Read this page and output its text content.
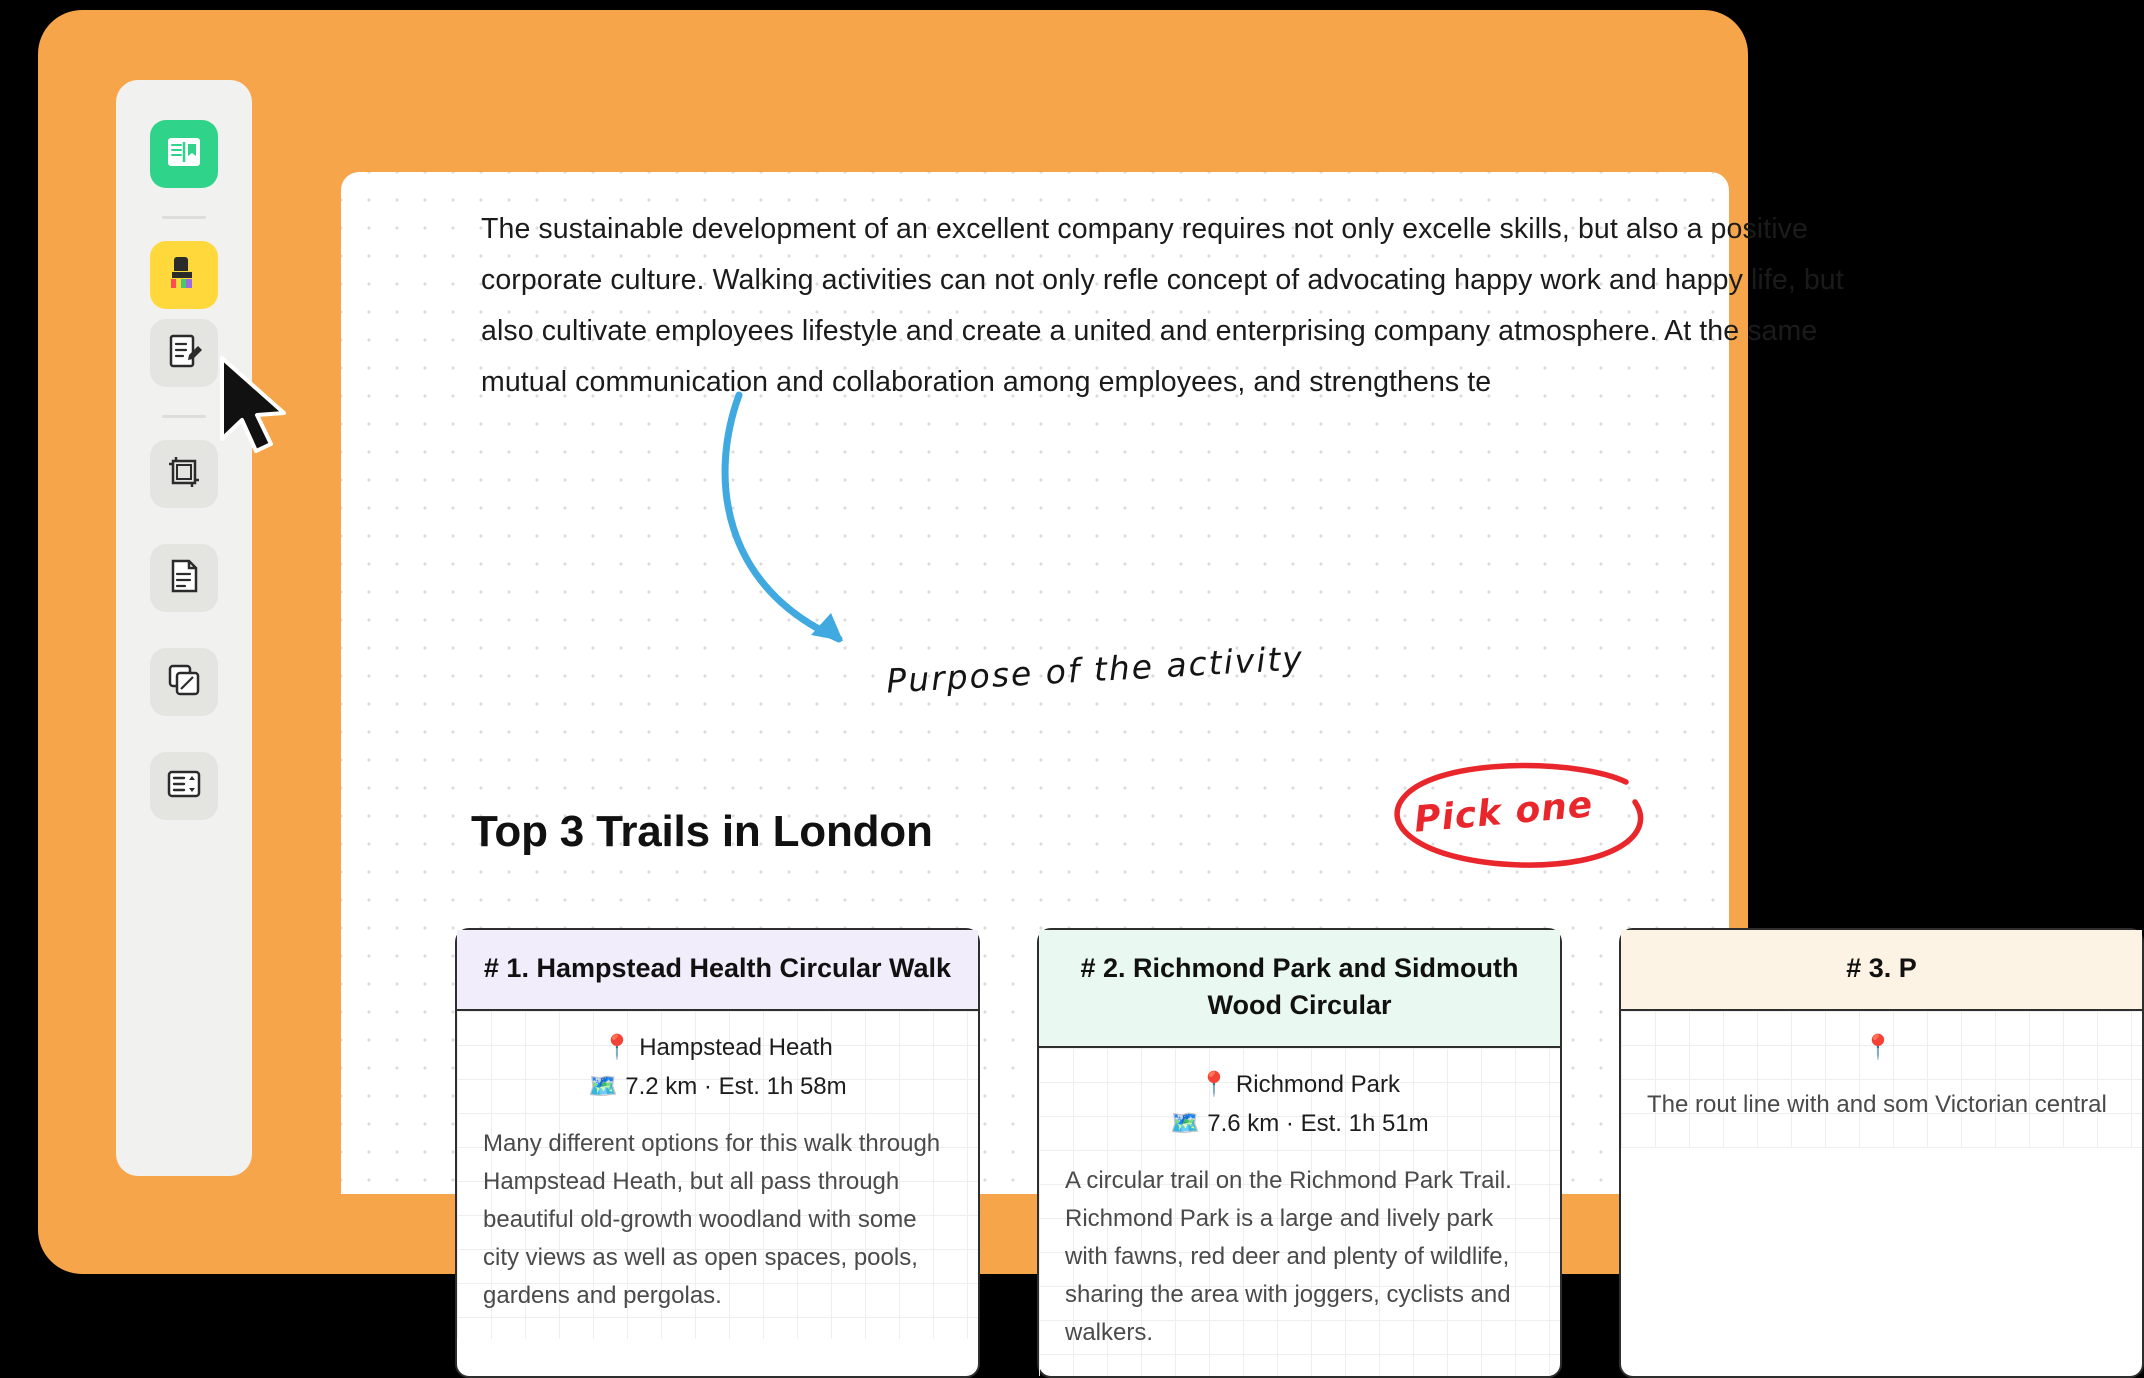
The sustainable development of an excellent company requires not only excelle skills, but also a positive corporate culture. Walking activities can not only refle concept of advocating happy work and happy life, but also cultivate employees lifestyle and create a united and enterprising company atmosphere. At the same mutual communication and collaboration among employees, and strengthens te
Purpose of the activity
Pick one
Top 3 Trails in London
# 1. Hampstead Health Circular Walk
📍 Hampstead Heath
🗺️ 7.2 km · Est. 1h 58m
Many different options for this walk through Hampstead Heath, but all pass through beautiful old-growth woodland with some city views as well as open spaces, pools, gardens and pergolas.
# 2. Richmond Park and Sidmouth Wood Circular
📍 Richmond Park
🗺️ 7.6 km · Est. 1h 51m
A circular trail on the Richmond Park Trail. Richmond Park is a large and lively park with fawns, red deer and plenty of wildlife, sharing the area with joggers, cyclists and walkers.
# 3. P
📍
The rout line with and som Victorian central
